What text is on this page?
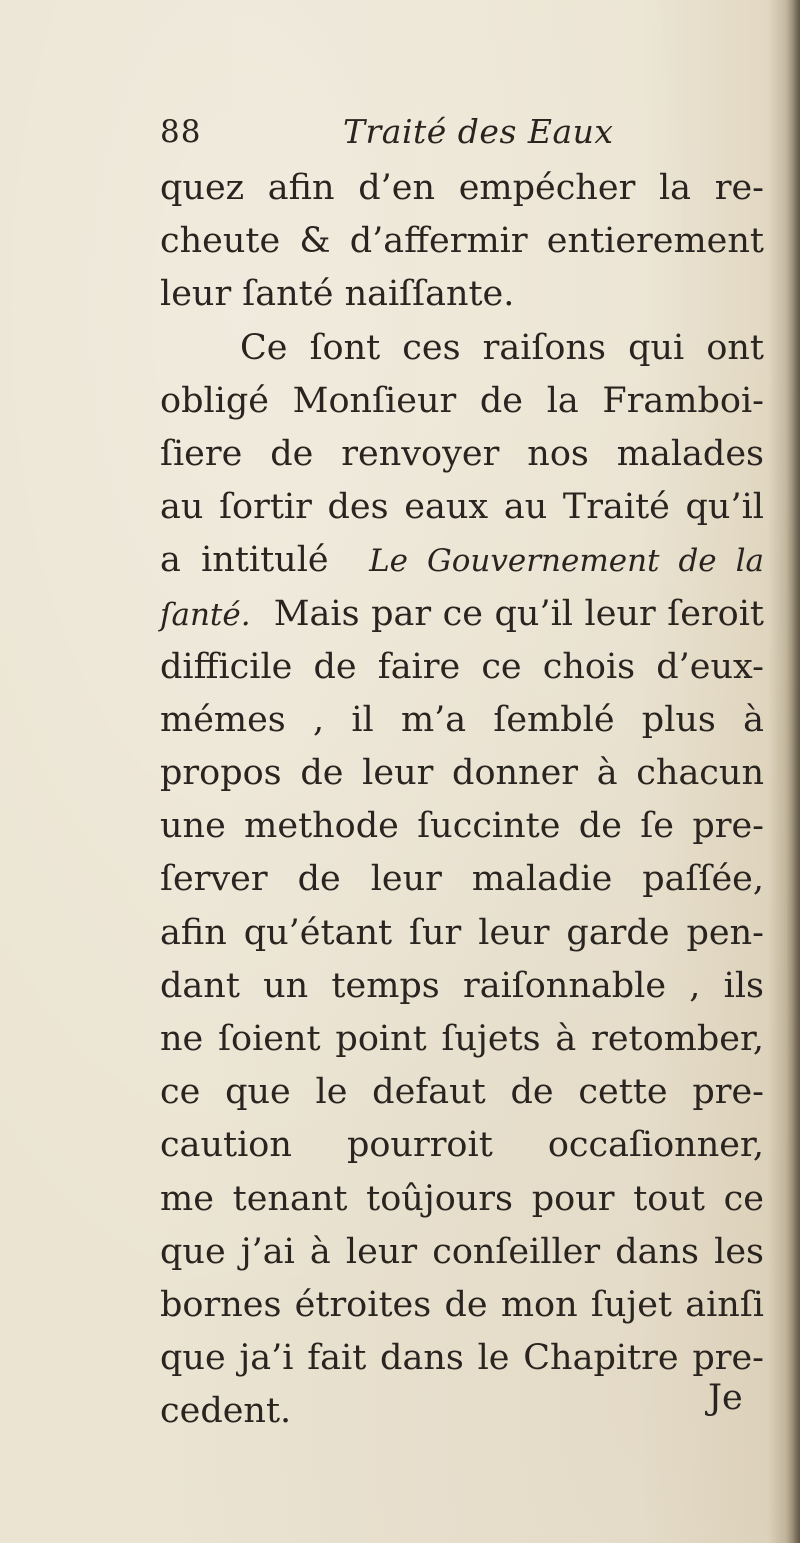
88	Traité des Eaux
quez afin d’en empécher la re-
cheute & d’affermir entierement
leur ſanté naiſſante.
Ce ſont ces raiſons qui ont
obligé Monſieur de la Framboi-
ſiere de renvoyer nos malades
au ſortir des eaux au Traité qu’il
a intitulé Le Gouvernement de la
ſanté. Mais par ce qu’il leur ſeroit
difficile de faire ce chois d’eux-
mémes , il m’a ſemblé plus à
propos de leur donner à chacun
une methode ſuccinte de ſe pre-
ſerver de leur maladie paſſée,
afin qu’étant ſur leur garde pen-
dant un temps raiſonnable , ils
ne ſoient point ſujets à retomber,
ce que le defaut de cette pre-
caution pourroit occaſionner,
me tenant toûjours pour tout ce
que j’ai à leur conſeiller dans les
bornes étroites de mon ſujet ainſi
que ja’i fait dans le Chapitre pre-
cedent.	Je
